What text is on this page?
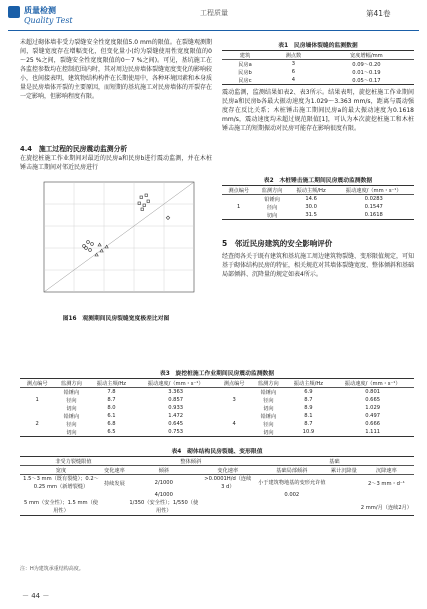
质量检测
Quality Test
工程质量	第41卷
未超过砌体墙非受力裂缝安全性宽度限值5.0 mm的限值。在裂缝观测期间，裂缝宽度存在增幅变化，但变化量小(约为裂缝使用性宽度限值的0～25 %之间，裂缝安全性宽度限值的0～7 %之间)。可见，基坑施工在各监控参数均在控制范围内时，其对周边民房墙体裂缝宽度变化的影响较小，也间接表明，建筑物结构构件在长期使用中，各种环境因素和本身质量是民房墙体开裂的主要原因，而短期的基坑施工对民房墙体的开裂存在一定影响，但影响程度有限。
4.4　施工过程的民房震动监测分析
在旋挖桩施工作业期间对最近的民房a和民房b进行震动监测，并在木桩锤击施工期间对邻近民房进行
图16　观测期间民房裂缝宽度极差比对图
表1　民房墙体裂缝的监测数据
建筑	测点数	宽度增幅/mm
民房a	3	0.09～0.20
民房b	6	0.01～0.19
民房c	4	0.05～0.17
震动监测，监测结果如表2、表3所示。结果表明，旋挖桩施工作业期间民房a和民房b各最大振动速度为1.029～3.363 mm/s，距离与震动强度存在反比关系；木桩锤击施工期间民房a的最大振动速度为0.1618 mm/s，震动速度均未超过规范限值[1]，可认为本次旋挖桩施工和木桩锤击施工的短期振动对民房可能存在影响很度有限。
表2　木桩锤击施工期间民房震动监测数据
测点编号	监测方向	振动主频/Hz	振动速度/（mm・s⁻¹）
	铅锤向	14.6	0.0283
1	径向	30.0	0.1547
	切向	31.5	0.1618
5　邻近民房建筑的安全影响评价
经查阅各关于既有建筑和基坑施工周边建筑物裂缝、变形限值规定，可知基于砌体结构民房的特征，相关规范对其墙体裂缝宽度、整体倾斜和基础局部倾斜、沉降量的规定如表4所示。
表3　旋挖桩施工作业期间民房震动监测数据
测点编号	监测方向	振动主频/Hz	振动速度/（mm・s⁻¹）	测点编号	监测方向	振动主频/Hz	振动速度/（mm・s⁻¹）
	铅锤向	7.8	3.363		铅锤向	6.9	0.801
1	径向	8.7	0.857	3	径向	8.7	0.665
	切向	8.0	0.933		切向	8.9	1.029
	铅锤向	6.1	1.472		铅锤向	8.1	0.497
2	径向	6.8	0.645	4	径向	8.7	0.666
	切向	6.5	0.753		切向	10.9	1.111
表4　砌体结构民房裂缝、变形限值
非受力裂缝限值		整体倾斜		基础		
宽度	变化速率	倾斜	变化速率	基础局部倾斜	累计沉降量	沉降速率
1.5～3 mm（既有裂缝）；0.2～0.25 mm（新增裂缝）	持续发展	2/1000	>0.0001H/d（连续3 d）	小于建筑物地基的变形允许值		2～3 mm・d⁻¹
		4/1000		0.002		
5 mm（安全性）；1.5 mm（使用性）		1/350（安全性）；1/550（使用性）				2 mm/月（连续2月）
注：H为建筑承重结构高度。
－ 44 －
